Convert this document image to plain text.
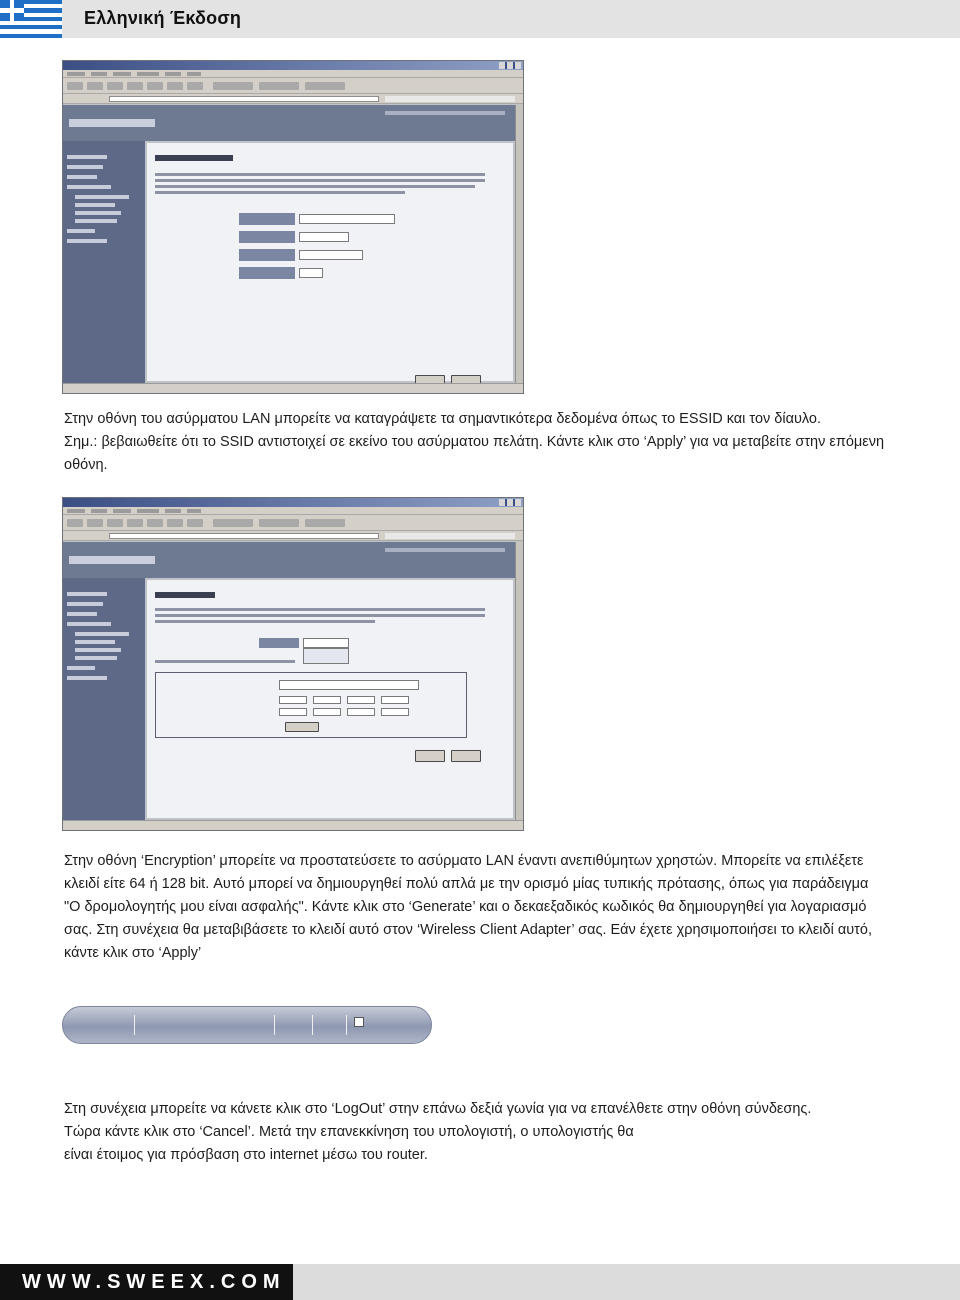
Ελληνική Έκδοση
Στην οθόνη του ασύρματου LAN μπορείτε να καταγράψετε τα σημαντικότερα δεδομένα όπως το ESSID και τον δίαυλο.
Σημ.: βεβαιωθείτε ότι το SSID αντιστοιχεί σε εκείνο του ασύρματου πελάτη. Κάντε κλικ στο ‘Apply’ για να μεταβείτε στην επόμενη
οθόνη.
Στην οθόνη ‘Encryption’ μπορείτε να προστατεύσετε το ασύρματο LAN έναντι ανεπιθύμητων χρηστών. Μπορείτε να επιλέξετε
κλειδί είτε 64 ή 128 bit. Αυτό μπορεί να δημιουργηθεί πολύ απλά με την ορισμό μίας τυπικής πρότασης, όπως για παράδειγμα
"O δρομολογητής μου είναι ασφαλής". Κάντε κλικ στο ‘Generate’ και ο δεκαεξαδικός κωδικός θα δημιουργηθεί για λογαριασμό
σας. Στη συνέχεια θα μεταβιβάσετε το κλειδί αυτό στον ‘Wireless Client Adapter’ σας. Εάν έχετε χρησιμοποιήσει το κλειδί αυτό,
κάντε κλικ στο ‘Apply’
Στη συνέχεια μπορείτε να κάνετε κλικ στο ‘LogOut’ στην επάνω δεξιά γωνία για να επανέλθετε στην οθόνη σύνδεσης.
Τώρα κάντε κλικ στο ‘Cancel’. Μετά την επανεκκίνηση του υπολογιστή, ο υπολογιστής θα
είναι έτοιμος για πρόσβαση στο internet μέσω του router.
WWW.SWEEX.COM
